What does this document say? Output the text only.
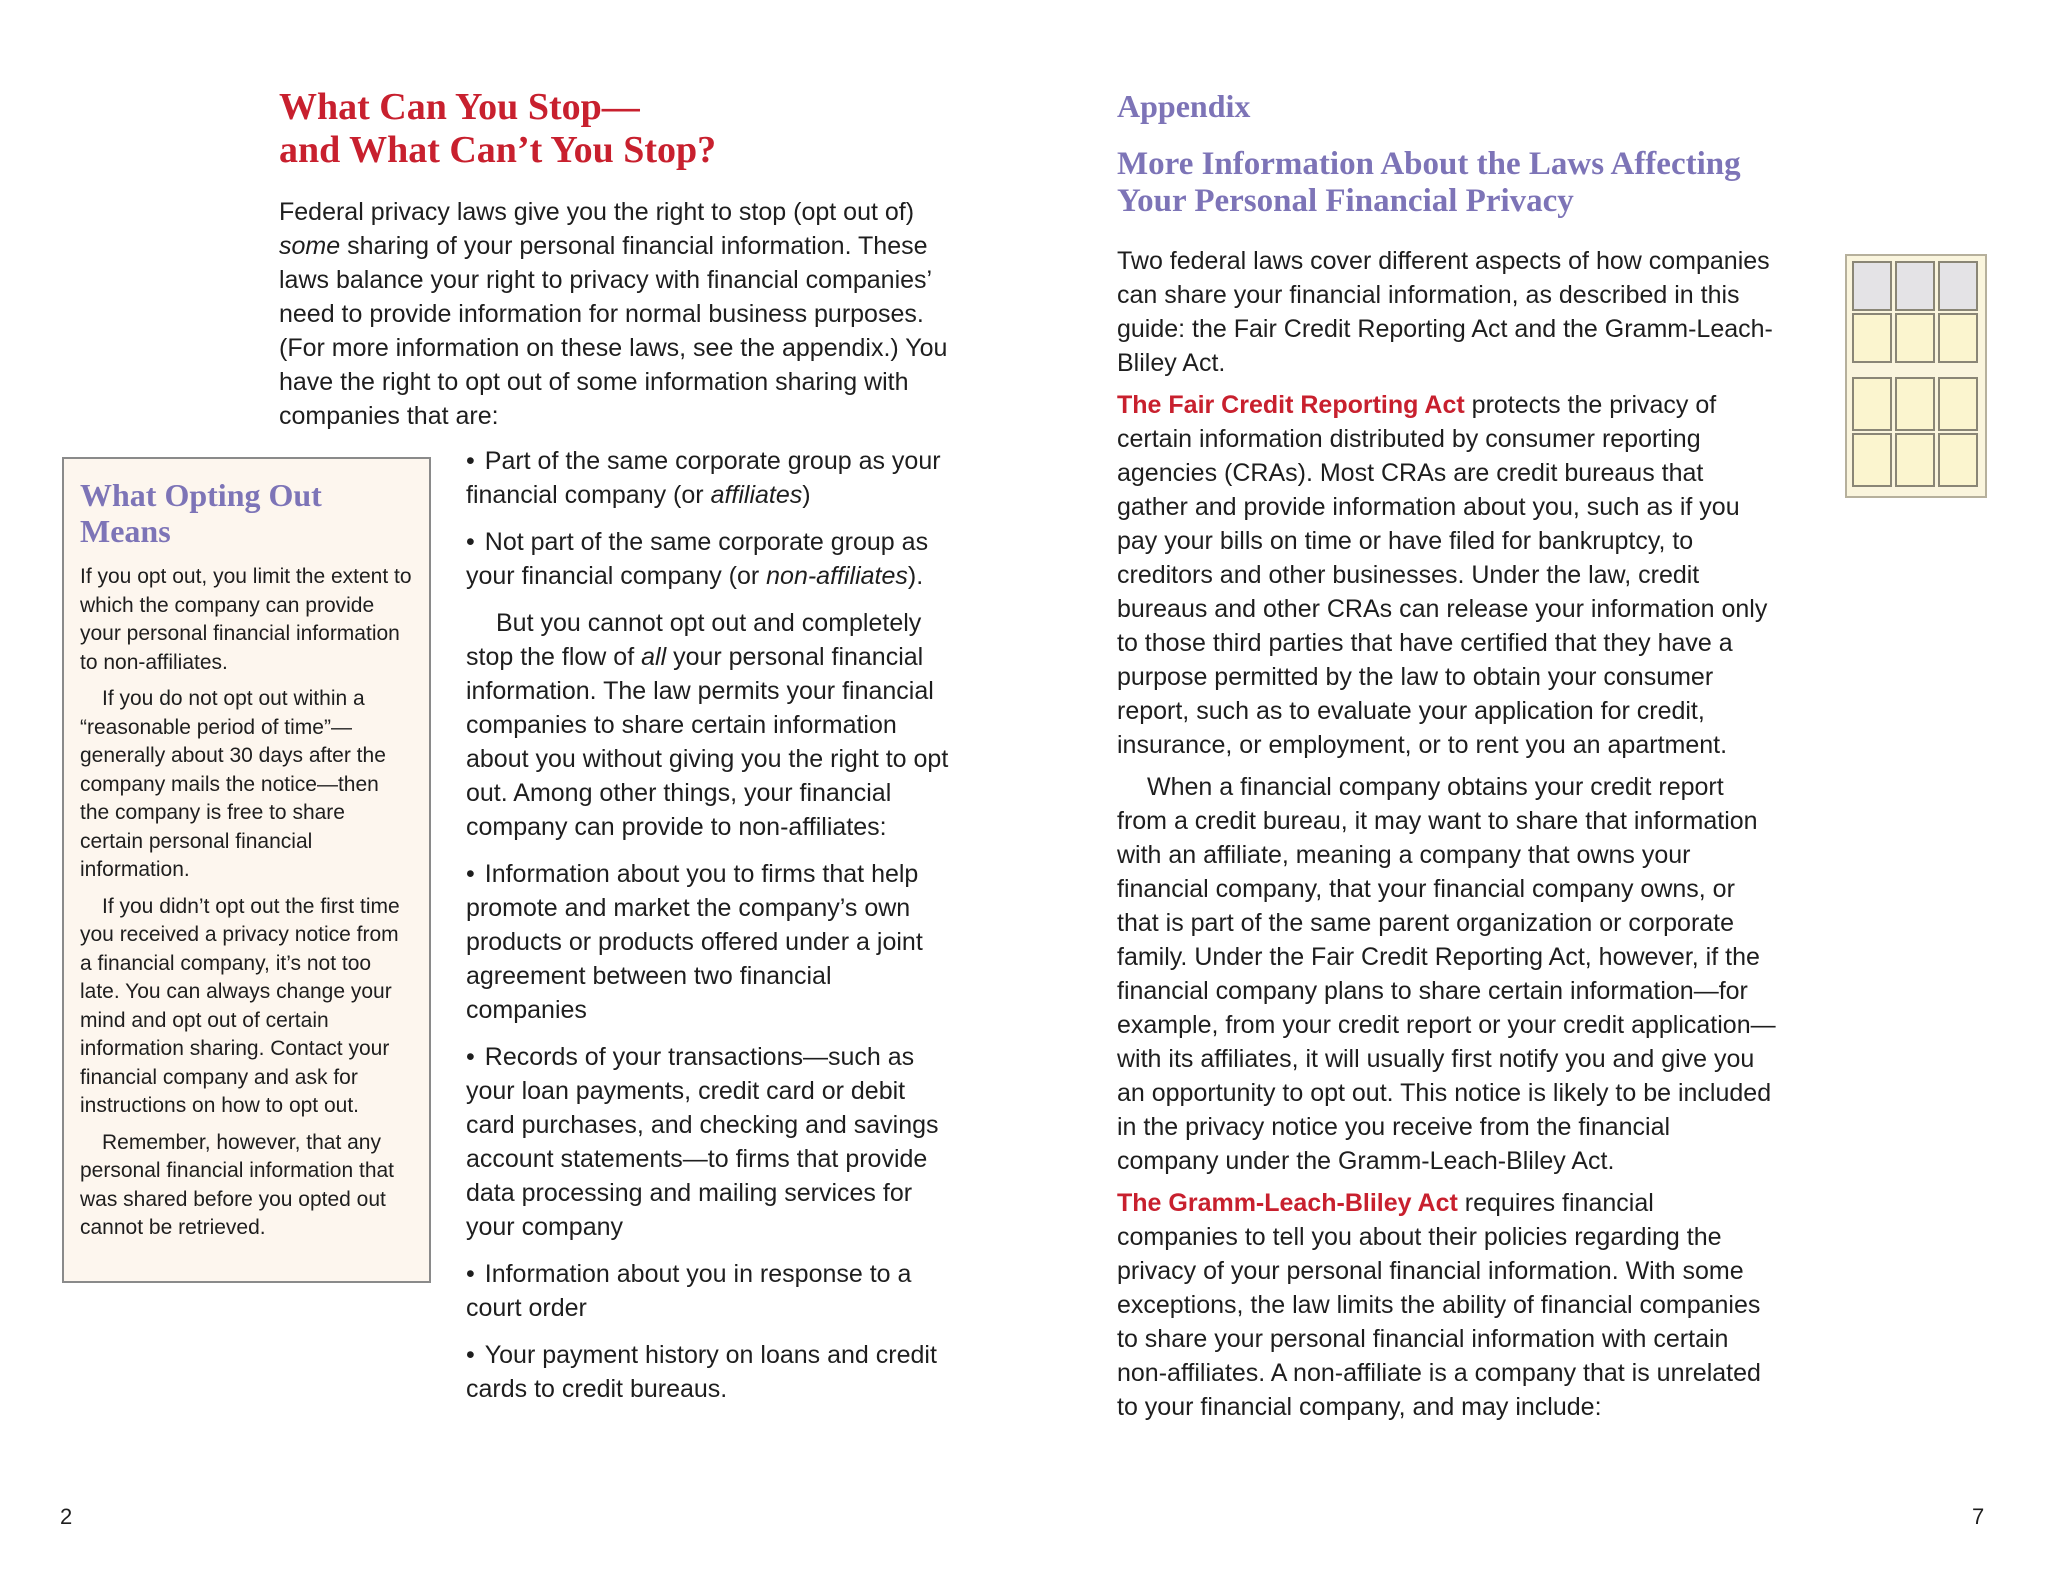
What Can You Stop—
and What Can’t You Stop?

Federal privacy laws give you the right to stop (opt out of) some sharing of your personal financial information. These laws balance your right to privacy with financial companies’ need to provide information for normal business purposes. (For more information on these laws, see the appendix.) You have the right to opt out of some information sharing with companies that are:

What Opting Out Means

If you opt out, you limit the extent to which the company can provide your personal financial information to non-affiliates.

If you do not opt out within a “reasonable period of time”—generally about 30 days after the company mails the notice—then the company is free to share certain personal financial information.

If you didn’t opt out the first time you received a privacy notice from a financial company, it’s not too late. You can always change your mind and opt out of certain information sharing. Contact your financial company and ask for instructions on how to opt out.

Remember, however, that any personal financial information that was shared before you opted out cannot be retrieved.

• Part of the same corporate group as your financial company (or affiliates)

• Not part of the same corporate group as your financial company (or non-affiliates).

But you cannot opt out and completely stop the flow of all your personal financial information. The law permits your financial companies to share certain information about you without giving you the right to opt out. Among other things, your financial company can provide to non-affiliates:

• Information about you to firms that help promote and market the company’s own products or products offered under a joint agreement between two financial companies

• Records of your transactions—such as your loan payments, credit card or debit card purchases, and checking and savings account statements—to firms that provide data processing and mailing services for your company

• Information about you in response to a court order

• Your payment history on loans and credit cards to credit bureaus.

2
Appendix
More Information About the Laws Affecting
Your Personal Financial Privacy

Two federal laws cover different aspects of how companies can share your financial information, as described in this guide: the Fair Credit Reporting Act and the Gramm-Leach-Bliley Act.

The Fair Credit Reporting Act protects the privacy of certain information distributed by consumer reporting agencies (CRAs). Most CRAs are credit bureaus that gather and provide information about you, such as if you pay your bills on time or have filed for bankruptcy, to creditors and other businesses. Under the law, credit bureaus and other CRAs can release your information only to those third parties that have certified that they have a purpose permitted by the law to obtain your consumer report, such as to evaluate your application for credit, insurance, or employment, or to rent you an apartment.

When a financial company obtains your credit report from a credit bureau, it may want to share that information with an affiliate, meaning a company that owns your financial company, that your financial company owns, or that is part of the same parent organization or corporate family. Under the Fair Credit Reporting Act, however, if the financial company plans to share certain information—for example, from your credit report or your credit application—with its affiliates, it will usually first notify you and give you an opportunity to opt out. This notice is likely to be included in the privacy notice you receive from the financial company under the Gramm-Leach-Bliley Act.

The Gramm-Leach-Bliley Act requires financial companies to tell you about their policies regarding the privacy of your personal financial information. With some exceptions, the law limits the ability of financial companies to share your personal financial information with certain non-affiliates. A non-affiliate is a company that is unrelated to your financial company, and may include:

7
